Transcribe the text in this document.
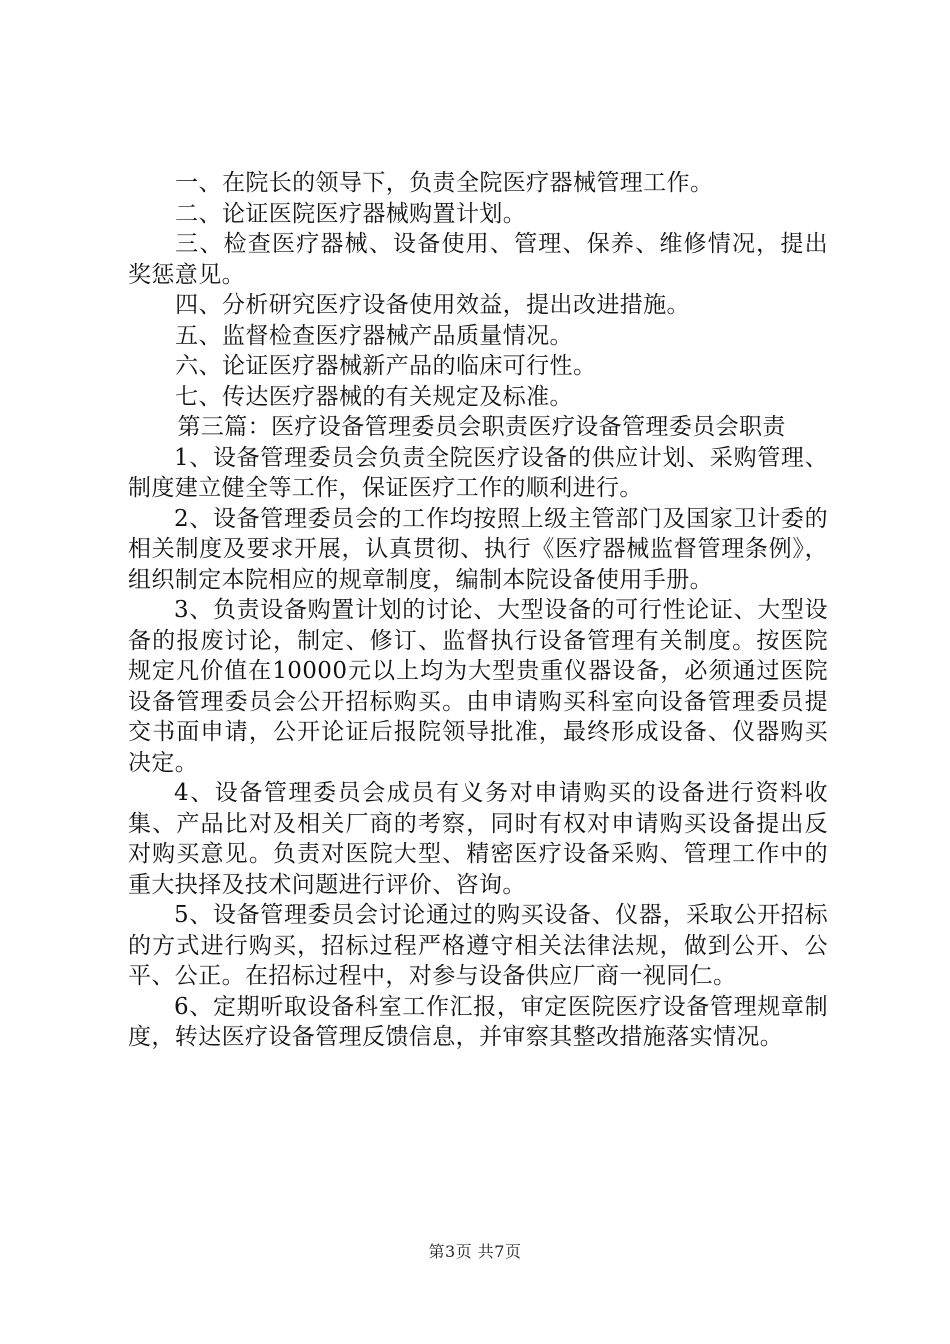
一、在院长的领导下，负责全院医疗器械管理工作。

二、论证医院医疗器械购置计划。

三、检查医疗器械、设备使用、管理、保养、维修情况，提出奖惩意见。

四、分析研究医疗设备使用效益，提出改进措施。

五、监督检查医疗器械产品质量情况。

六、论证医疗器械新产品的临床可行性。

七、传达医疗器械的有关规定及标准。

第三篇：医疗设备管理委员会职责医疗设备管理委员会职责

1、设备管理委员会负责全院医疗设备的供应计划、采购管理、制度建立健全等工作，保证医疗工作的顺利进行。

2、设备管理委员会的工作均按照上级主管部门及国家卫计委的相关制度及要求开展，认真贯彻、执行《医疗器械监督管理条例》，组织制定本院相应的规章制度，编制本院设备使用手册。

3、负责设备购置计划的讨论、大型设备的可行性论证、大型设备的报废讨论，制定、修订、监督执行设备管理有关制度。按医院规定凡价值在10000元以上均为大型贵重仪器设备，必须通过医院设备管理委员会公开招标购买。由申请购买科室向设备管理委员提交书面申请，公开论证后报院领导批准，最终形成设备、仪器购买决定。

4、设备管理委员会成员有义务对申请购买的设备进行资料收集、产品比对及相关厂商的考察，同时有权对申请购买设备提出反对购买意见。负责对医院大型、精密医疗设备采购、管理工作中的重大抉择及技术问题进行评价、咨询。

5、设备管理委员会讨论通过的购买设备、仪器，采取公开招标的方式进行购买，招标过程严格遵守相关法律法规，做到公开、公平、公正。在招标过程中，对参与设备供应厂商一视同仁。

6、定期听取设备科室工作汇报，审定医院医疗设备管理规章制度，转达医疗设备管理反馈信息，并审察其整改措施落实情况。

第3页 共7页
